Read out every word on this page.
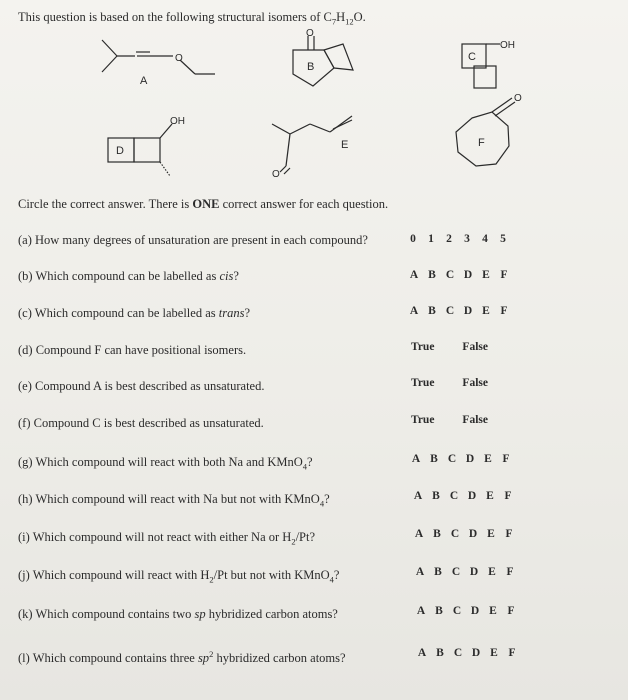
This question is based on the following structural isomers of $C_7H_{12}O$.
O
O
OH
OH
O
O
A
B
C
D	E	F
Circle the correct answer. There is ONE correct answer for each question.
(a) How many degrees of unsaturation are present in each compound?	0 1 2 3 4 5
(b) Which compound can be labelled as cis?	A B C D E F
(c) Which compound can be labelled as trans?	A B C D E F
(d) Compound F can have positional isomers.	True False
(e) Compound A is best described as unsaturated.	True False
(f) Compound C is best described as unsaturated.	True False
(g) Which compound will react with both Na and KMnO$_4$?	A B C D E F
(h) Which compound will react with Na but not with KMnO$_4$?	A B C D E F
(i) Which compound will not react with either Na or $H_2/Pt$?	A B C D E F
(j) Which compound will react with $H_2/Pt$ but not with KMnO$_4$?	A B C D E F
(k) Which compound contains two sp hybridized carbon atoms?	A B C D E F
(l) Which compound contains three $sp^2$ hybridized carbon atoms?	A B C D E F
